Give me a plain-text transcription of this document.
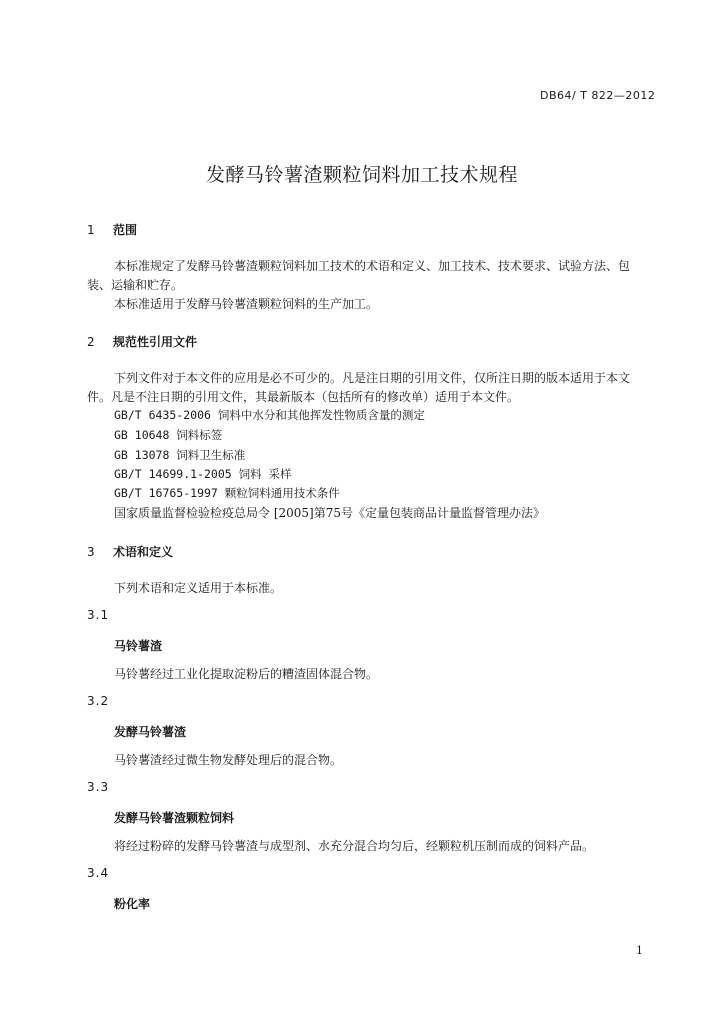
DB64/ T 822—2012
发酵马铃薯渣颗粒饲料加工技术规程
1 范围
本标准规定了发酵马铃薯渣颗粒饲料加工技术的术语和定义、加工技术、技术要求、试验方法、包
装、运输和贮存。
本标准适用于发酵马铃薯渣颗粒饲料的生产加工。
2 规范性引用文件
下列文件对于本文件的应用是必不可少的。凡是注日期的引用文件，仅所注日期的版本适用于本文
件。凡是不注日期的引用文件，其最新版本（包括所有的修改单）适用于本文件。
GB/T 6435-2006 饲料中水分和其他挥发性物质含量的测定
GB 10648 饲料标签
GB 13078 饲料卫生标准
GB/T 14699.1-2005 饲料 采样
GB/T 16765-1997 颗粒饲料通用技术条件
国家质量监督检验检疫总局令 [2005]第75号《定量包装商品计量监督管理办法》
3 术语和定义
下列术语和定义适用于本标准。
3.1
马铃薯渣
马铃薯经过工业化提取淀粉后的糟渣固体混合物。
3.2
发酵马铃薯渣
马铃薯渣经过微生物发酵处理后的混合物。
3.3
发酵马铃薯渣颗粒饲料
将经过粉碎的发酵马铃薯渣与成型剂、水充分混合均匀后，经颗粒机压制而成的饲料产品。
3.4
粉化率
1
